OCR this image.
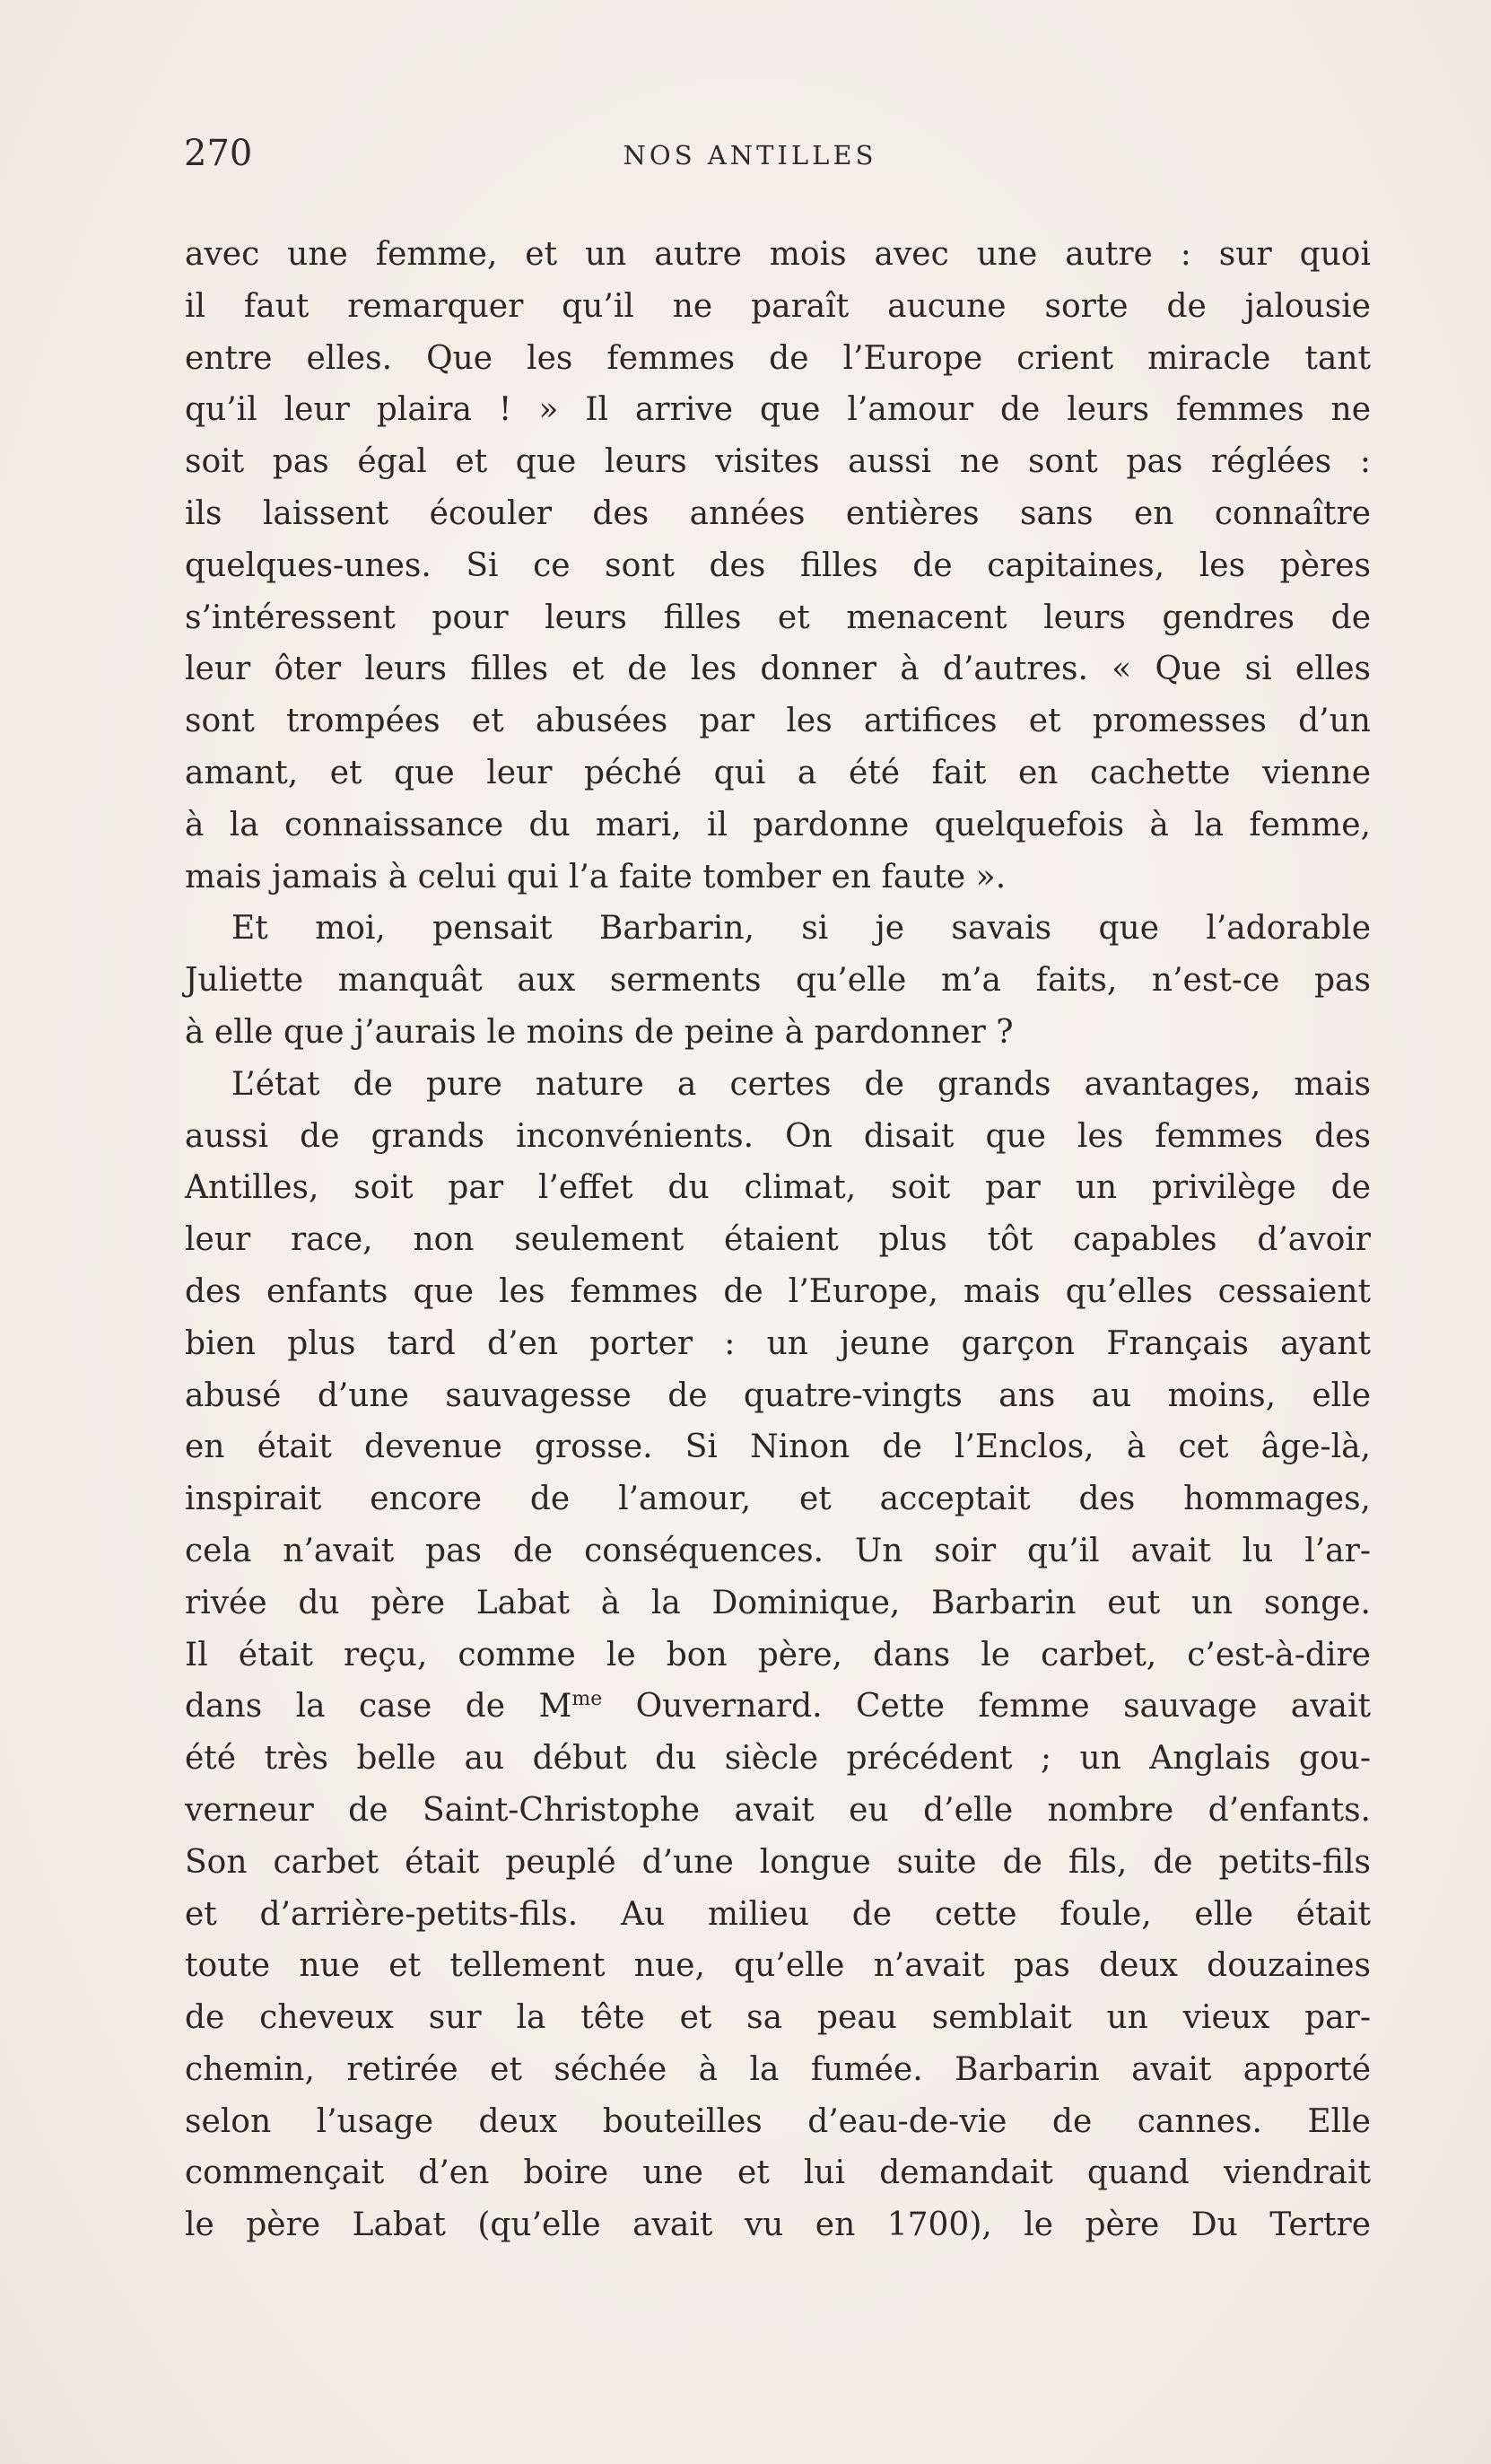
270	NOS ANTILLES
avec une femme, et un autre mois avec une autre : sur quoi
il faut remarquer qu’il ne paraît aucune sorte de jalousie
entre elles. Que les femmes de l’Europe crient miracle tant
qu’il leur plaira ! » Il arrive que l’amour de leurs femmes ne
soit pas égal et que leurs visites aussi ne sont pas réglées :
ils laissent écouler des années entières sans en connaître
quelques-unes. Si ce sont des filles de capitaines, les pères
s’intéressent pour leurs filles et menacent leurs gendres de
leur ôter leurs filles et de les donner à d’autres. « Que si elles
sont trompées et abusées par les artifices et promesses d’un
amant, et que leur péché qui a été fait en cachette vienne
à la connaissance du mari, il pardonne quelquefois à la femme,
mais jamais à celui qui l’a faite tomber en faute ».
Et moi, pensait Barbarin, si je savais que l’adorable
Juliette manquât aux serments qu’elle m’a faits, n’est-ce pas
à elle que j’aurais le moins de peine à pardonner ?
L’état de pure nature a certes de grands avantages, mais
aussi de grands inconvénients. On disait que les femmes des
Antilles, soit par l’effet du climat, soit par un privilège de
leur race, non seulement étaient plus tôt capables d’avoir
des enfants que les femmes de l’Europe, mais qu’elles cessaient
bien plus tard d’en porter : un jeune garçon Français ayant
abusé d’une sauvagesse de quatre-vingts ans au moins, elle
en était devenue grosse. Si Ninon de l’Enclos, à cet âge-là,
inspirait encore de l’amour, et acceptait des hommages,
cela n’avait pas de conséquences. Un soir qu’il avait lu l’ar-
rivée du père Labat à la Dominique, Barbarin eut un songe.
Il était reçu, comme le bon père, dans le carbet, c’est-à-dire
dans la case de $M^{me}$ Ouvernard. Cette femme sauvage avait
été très belle au début du siècle précédent ; un Anglais gou-
verneur de Saint-Christophe avait eu d’elle nombre d’enfants.
Son carbet était peuplé d’une longue suite de fils, de petits-fils
et d’arrière-petits-fils. Au milieu de cette foule, elle était
toute nue et tellement nue, qu’elle n’avait pas deux douzaines
de cheveux sur la tête et sa peau semblait un vieux par-
chemin, retirée et séchée à la fumée. Barbarin avait apporté
selon l’usage deux bouteilles d’eau-de-vie de cannes. Elle
commençait d’en boire une et lui demandait quand viendrait
le père Labat (qu’elle avait vu en 1700), le père Du Tertre
